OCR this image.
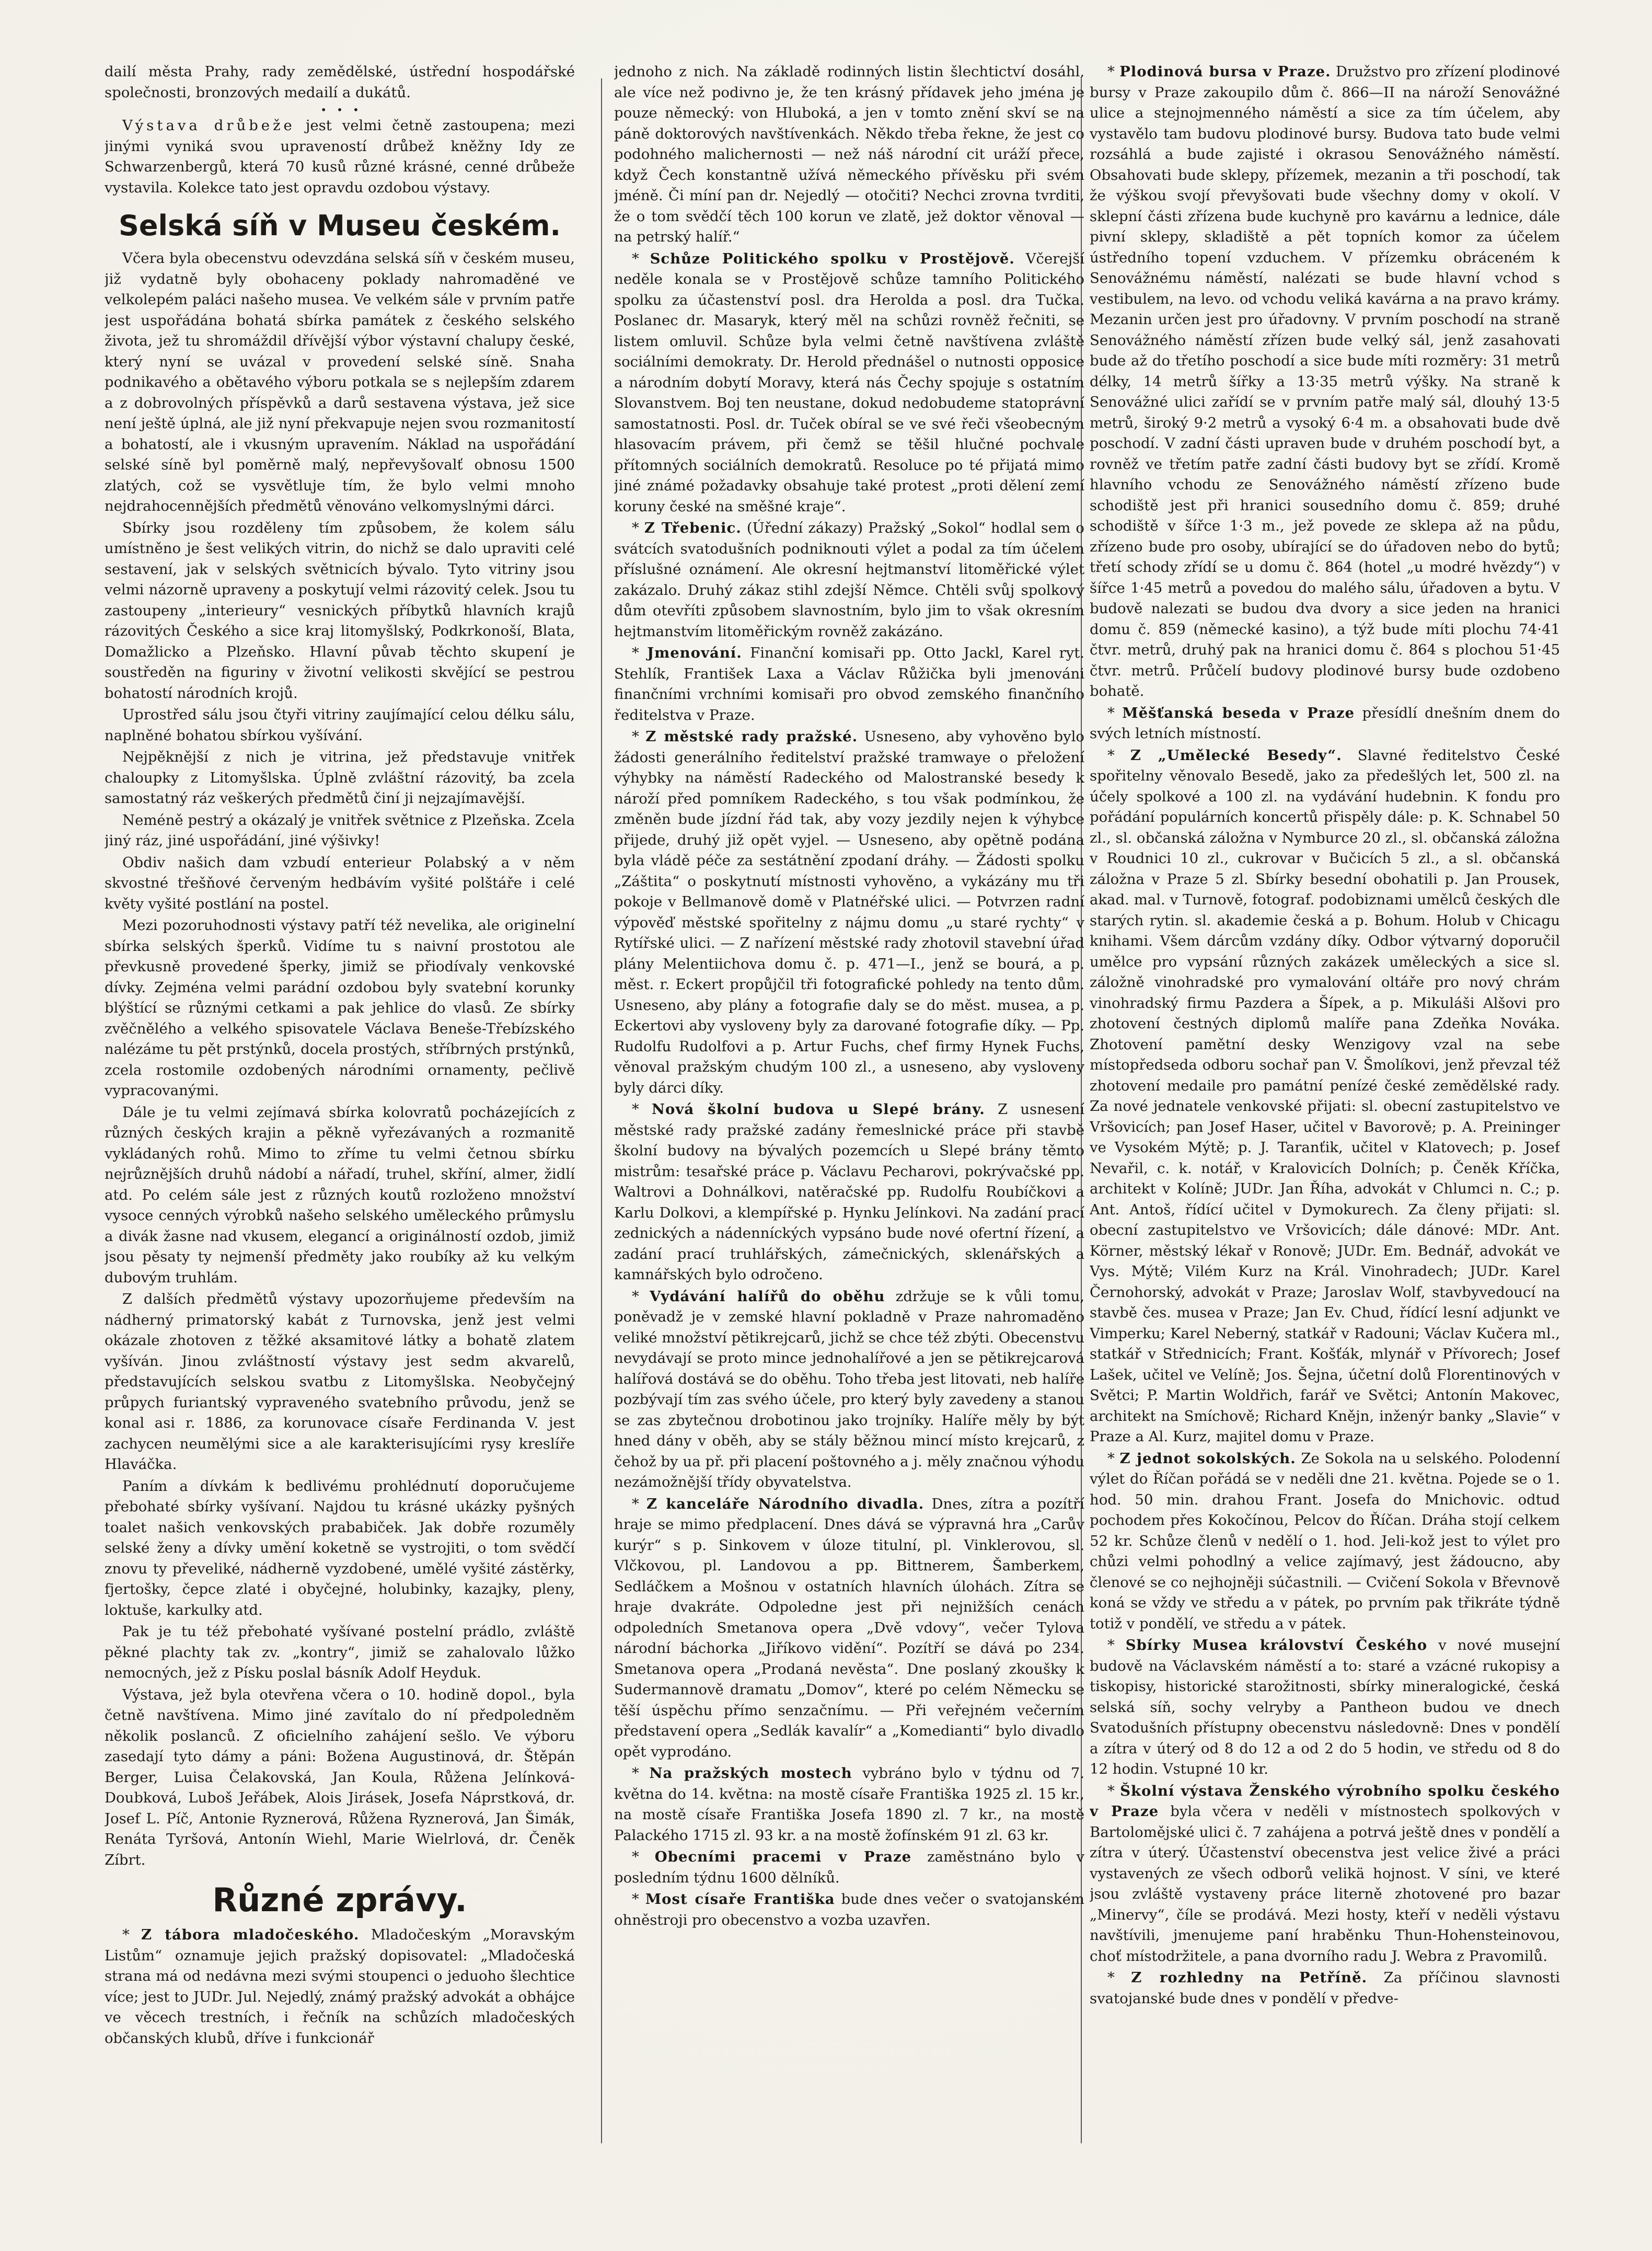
dailí města Prahy, rady zemědělské, ústřední hospodářské společnosti, bronzových medailí a dukátů.

•   •   •

Výstava drůbeže jest velmi četně zastoupena; mezi jinými vyniká svou upraveností drůbež kněžny Idy ze Schwarzenbergů, která 70 kusů různé krásné, cenné drůbeže vystavila. Kolekce tato jest opravdu ozdobou výstavy.

Selská síň v Museu českém.

Včera byla obecenstvu odevzdána selská síň v českém museu, již vydatně byly obohaceny poklady nahromaděné ve velkolepém paláci našeho musea. Ve velkém sále v prvním patře jest uspořádána bohatá sbírka památek z českého selského života, jež tu shromáždil dřívější výbor výstavní chalupy české, který nyní se uvázal v provedení selské síně. Snaha podnikavého a obětavého výboru potkala se s nejlepším zdarem a z dobrovolných příspěvků a darů sestavena výstava, jež sice není ještě úplná, ale již nyní překvapuje nejen svou rozmanitostí a bohatostí, ale i vkusným upravením. Náklad na uspořádání selské síně byl poměrně malý, nepřevyšovalť obnosu 1500 zlatých, což se vysvětluje tím, že bylo velmi mnoho nejdrahocennějších předmětů věnováno velkomyslnými dárci.

Sbírky jsou rozděleny tím způsobem, že kolem sálu umístněno je šest velikých vitrin, do nichž se dalo upraviti celé sestavení, jak v selských světnicích bývalo. Tyto vitriny jsou velmi názorně upraveny a poskytují velmi rázovitý celek. Jsou tu zastoupeny „interieury“ vesnických příbytků hlavních krajů rázovitých Českého a sice kraj litomyšlský, Podkrkonoší, Blata, Domažlicko a Plzeňsko. Hlavní půvab těchto skupení je soustředěn na figuriny v životní velikosti skvějící se pestrou bohatostí národních krojů.

Uprostřed sálu jsou čtyři vitriny zaujímající celou délku sálu, naplněné bohatou sbírkou vyšívání.

Nejpěknější z nich je vitrina, jež představuje vnitřek chaloupky z Litomyšlska. Úplně zvláštní rázovitý, ba zcela samostatný ráz veškerých předmětů činí ji nejzajímavější.

Neméně pestrý a okázalý je vnitřek světnice z Plzeňska. Zcela jiný ráz, jiné uspořádání, jiné výšivky!

Obdiv našich dam vzbudí enterieur Polabský a v něm skvostné třešňové červeným hedbávím vyšité polštáře i celé květy vyšité postlání na postel.

Mezi pozoruhodnosti výstavy patří též nevelika, ale originelní sbírka selských šperků. Vidíme tu s naivní prostotou ale převkusně provedené šperky, jimiž se přiodívaly venkovské dívky. Zejména velmi parádní ozdobou byly svatební korunky blýštící se různými cetkami a pak jehlice do vlasů. Ze sbírky zvěčnělého a velkého spisovatele Václava Beneše-Třebízského nalézáme tu pět prstýnků, docela prostých, stříbrných prstýnků, zcela rostomile ozdobených národními ornamenty, pečlivě vypracovanými.

Dále je tu velmi zejímavá sbírka kolovratů pocházejících z různých českých krajin a pěkně vyřezávaných a rozmanitě vykládaných rohů. Mimo to zříme tu velmi četnou sbírku nejrůznějších druhů nádobí a nářadí, truhel, skříní, almer, židlí atd. Po celém sále jest z různých koutů rozloženo množství vysoce cenných výrobků našeho selského uměleckého průmyslu a divák žasne nad vkusem, elegancí a originálností ozdob, jimiž jsou pěsaty ty nejmenší předměty jako roubíky až ku velkým dubovým truhlám.

Z dalších předmětů výstavy upozorňujeme především na nádherný primatorský kabát z Turnovska, jenž jest velmi okázale zhotoven z těžké aksamitové látky a bohatě zlatem vyšíván. Jinou zvláštností výstavy jest sedm akvarelů, představujících selskou svatbu z Litomyšlska. Neobyčejný průpych furiantský vypraveného svatebního průvodu, jenž se konal asi r. 1886, za korunovace císaře Ferdinanda V. jest zachycen neumělými sice a ale karakterisujícími rysy kreslíře Hlaváčka.

Paním a dívkám k bedlivému prohlédnutí doporučujeme přebohaté sbírky vyšívaní. Najdou tu krásné ukázky pyšných toalet našich venkovských prababiček. Jak dobře rozuměly selské ženy a dívky umění koketně se vystrojiti, o tom svědčí znovu ty převeliké, nádherně vyzdobené, umělé vyšité zástěrky, fjertošky, čepce zlaté i obyčejné, holubinky, kazajky, pleny, loktuše, karkulky atd.

Pak je tu též přebohaté vyšívané postelní prádlo, zvláště pěkné plachty tak zv. „kontry“, jimiž se zahalovalo lůžko nemocných, jež z Písku poslal básník Adolf Heyduk.

Výstava, jež byla otevřena včera o 10. hodině dopol., byla četně navštívena. Mimo jiné zavítalo do ní předpoledněm několik poslanců. Z oficielního zahájení sešlo. Ve výboru zasedají tyto dámy a páni: Božena Augustinová, dr. Štěpán Berger, Luisa Čelakovská, Jan Koula, Růžena Jelínková-Doubková, Luboš Jeřábek, Alois Jirásek, Josefa Náprstková, dr. Josef L. Píč, Antonie Ryznerová, Růžena Ryznerová, Jan Šimák, Renáta Tyršová, Antonín Wiehl, Marie Wielrlová, dr. Čeněk Zíbrt.

Různé zprávy.

* Z tábora mladočeského. Mladočeským „Moravským Listům“ oznamuje jejich pražský dopisovatel: „Mladočeská strana má od nedávna mezi svými stoupenci o jeduoho šlechtice více; jest to JUDr. Jul. Nejedlý, známý pražský advokát a obhájce ve věcech trestních, i řečník na schůzích mladočeských občanských klubů, dříve i funkcionář

jednoho z nich. Na základě rodinných listin šlechtictví dosáhl, ale více než podivno je, že ten krásný přídavek jeho jména je pouze německý: von Hluboká, a jen v tomto znění skví se na páně doktorových navštívenkách. Někdo třeba řekne, že jest co podohného malichernosti — než náš národní cit uráží přece, když Čech konstantně užívá německého přívěsku při svém jméně. Či míní pan dr. Nejedlý — otočiti? Nechci zrovna tvrditi, že o tom svědčí těch 100 korun ve zlatě, jež doktor věnoval — na petrský halíř.“

* Schůze Politického spolku v Prostějově. Včerejší neděle konala se v Prostějově schůze tamního Politického spolku za účastenství posl. dra Herolda a posl. dra Tučka. Poslanec dr. Masaryk, který měl na schůzi rovněž řečniti, se listem omluvil. Schůze byla velmi četně navštívena zvláště sociálními demokraty. Dr. Herold přednášel o nutnosti opposice a národním dobytí Moravy, která nás Čechy spojuje s ostatním Slovanstvem. Boj ten neustane, dokud nedobudeme statoprávní samostatnosti. Posl. dr. Tuček obíral se ve své řeči všeobecným hlasovacím právem, při čemž se těšil hlučné pochvale přítomných sociálních demokratů. Resoluce po té přijatá mimo jiné známé požadavky obsahuje také protest „proti dělení zemí koruny české na směšné kraje“.

* Z Třebenic. (Úřední zákazy) Pražský „Sokol“ hodlal sem o svátcích svatodušních podniknouti výlet a podal za tím účelem příslušné oznámení. Ale okresní hejtmanství litoměřické výlet zakázalo. Druhý zákaz stihl zdejší Němce. Chtěli svůj spolkový dům otevříti způsobem slavnostním, bylo jim to však okresním hejtmanstvím litoměřickým rovněž zakázáno.

* Jmenování. Finanční komisaři pp. Otto Jackl, Karel ryt. Stehlík, František Laxa a Václav Růžička byli jmenováni finančními vrchními komisaři pro obvod zemského finančního ředitelstva v Praze.

* Z městské rady pražské. Usneseno, aby vyhověno bylo žádosti generálního ředitelství pražské tramwaye o přeložení výhybky na náměstí Radeckého od Malostranské besedy k nároží před pomníkem Radeckého, s tou však podmínkou, že změněn bude jízdní řád tak, aby vozy jezdily nejen k výhybce přijede, druhý již opět vyjel. — Usneseno, aby opětně podána byla vládě péče za sestátnění zpodaní dráhy. — Žádosti spolku „Záštita“ o poskytnutí místnosti vyhověno, a vykázány mu tři pokoje v Bellmanově domě v Platnéřské ulici. — Potvrzen radní výpověď městské spořitelny z nájmu domu „u staré rychty“ v Rytířské ulici. — Z nařízení městské rady zhotovil stavební úřad plány Melentiichova domu č. p. 471—I., jenž se bourá, a p. měst. r. Eckert propůjčil tři fotografické pohledy na tento dům. Usneseno, aby plány a fotografie daly se do měst. musea, a p. Eckertovi aby vysloveny byly za darované fotografie díky. — Pp. Rudolfu Rudolfovi a p. Artur Fuchs, chef firmy Hynek Fuchs, věnoval pražským chudým 100 zl., a usneseno, aby vysloveny byly dárci díky.

* Nová školní budova u Slepé brány. Z usnesení městské rady pražské zadány řemeslnické práce při stavbě školní budovy na bývalých pozemcích u Slepé brány těmto mistrům: tesařské práce p. Václavu Pecharovi, pokrývačské pp. Waltrovi a Dohnálkovi, natěračské pp. Rudolfu Roubíčkovi a Karlu Dolkovi, a klempířské p. Hynku Jelínkovi. Na zadání prací zednických a nádenníckých vypsáno bude nové ofertní řízení, a zadání prací truhlářských, zámečnických, sklenářských a kamnářských bylo odročeno.

* Vydávání halířů do oběhu zdržuje se k vůli tomu, poněvadž je v zemské hlavní pokladně v Praze nahromaděno veliké množství pětikrejcarů, jichž se chce též zbýti. Obecenstvu nevydávají se proto mince jednohalířové a jen se pětikrejcarová halířová dostává se do oběhu. Toho třeba jest litovati, neb halíře pozbývají tím zas svého účele, pro který byly zavedeny a stanou se zas zbytečnou drobotinou jako trojníky. Halíře měly by být hned dány v oběh, aby se stály běžnou mincí místo krejcarů, z čehož by ua př. při placení poštovného a j. měly značnou výhodu nezámožnější třídy obyvatelstva.

* Z kanceláře Národního divadla. Dnes, zítra a pozítří hraje se mimo předplacení. Dnes dává se výpravná hra „Carův kurýr“ s p. Sinkovem v úloze titulní, pl. Vinklerovou, sl. Vlčkovou, pl. Landovou a pp. Bittnerem, Šamberkem, Sedláčkem a Mošnou v ostatních hlavních úlohách. Zítra se hraje dvakráte. Odpoledne jest při nejnižších cenách odpoledních Smetanova opera „Dvě vdovy“, večer Tylova národní báchorka „Jiříkovo vidění“. Pozítří se dává po 234. Smetanova opera „Prodaná nevěsta“. Dne poslaný zkoušky k Sudermannově dramatu „Domov“, které po celém Německu se těší úspěchu přímo senzačnímu. — Při veřejném večerním představení opera „Sedlák kavalír“ a „Komedianti“ bylo divadlo opět vyprodáno.

* Na pražských mostech vybráno bylo v týdnu od 7. května do 14. května: na mostě císaře Františka 1925 zl. 15 kr., na mostě císaře Františka Josefa 1890 zl. 7 kr., na mostě Palackého 1715 zl. 93 kr. a na mostě žofínském 91 zl. 63 kr.

* Obecními pracemi v Praze zaměstnáno bylo v posledním týdnu 1600 dělníků.

* Most císaře Františka bude dnes večer o svatojanském ohněstroji pro obecenstvo a vozba uzavřen.

* Plodinová bursa v Praze. Družstvo pro zřízení plodinové bursy v Praze zakoupilo dům č. 866—II na nároží Senovážné ulice a stejnojmenného náměstí a sice za tím účelem, aby vystavělo tam budovu plodinové bursy. Budova tato bude velmi rozsáhlá a bude zajisté i okrasou Senovážného náměstí. Obsahovati bude sklepy, přízemek, mezanin a tři poschodí, tak že výškou svojí převyšovati bude všechny domy v okolí. V sklepní části zřízena bude kuchyně pro kavárnu a lednice, dále pivní sklepy, skladiště a pět topních komor za účelem ústředního topení vzduchem. V přízemku obráceném k Senovážnému náměstí, nalézati se bude hlavní vchod s vestibulem, na levo. od vchodu veliká kavárna a na pravo krámy. Mezanin určen jest pro úřadovny. V prvním poschodí na straně Senovážného náměstí zřízen bude velký sál, jenž zasahovati bude až do třetího poschodí a sice bude míti rozměry: 31 metrů délky, 14 metrů šířky a 13·35 metrů výšky. Na straně k Senovážné ulici zařídí se v prvním patře malý sál, dlouhý 13·5 metrů, široký 9·2 metrů a vysoký 6·4 m. a obsahovati bude dvě poschodí. V zadní části upraven bude v druhém poschodí byt, a rovněž ve třetím patře zadní části budovy byt se zřídí. Kromě hlavního vchodu ze Senovážného náměstí zřízeno bude schodiště jest při hranici sousedního domu č. 859; druhé schodiště v šířce 1·3 m., jež povede ze sklepa až na půdu, zřízeno bude pro osoby, ubírající se do úřadoven nebo do bytů; třetí schody zřídí se u domu č. 864 (hotel „u modré hvězdy“) v šířce 1·45 metrů a povedou do malého sálu, úřadoven a bytu. V budově nalezati se budou dva dvory a sice jeden na hranici domu č. 859 (německé kasino), a týž bude míti plochu 74·41 čtvr. metrů, druhý pak na hranici domu č. 864 s plochou 51·45 čtvr. metrů. Průčelí budovy plodinové bursy bude ozdobeno bohatě.

* Měšťanská beseda v Praze přesídlí dnešním dnem do svých letních místností.

* Z „Umělecké Besedy“. Slavné ředitelstvo České spořitelny věnovalo Besedě, jako za předešlých let, 500 zl. na účely spolkové a 100 zl. na vydávání hudebnin. K fondu pro pořádání populárních koncertů přispěly dále: p. K. Schnabel 50 zl., sl. občanská záložna v Nymburce 20 zl., sl. občanská záložna v Roudnici 10 zl., cukrovar v Bučicích 5 zl., a sl. občanská záložna v Praze 5 zl. Sbírky besední obohatili p. Jan Prousek, akad. mal. v Turnově, fotograf. podobiznami umělců českých dle starých rytin. sl. akademie česká a p. Bohum. Holub v Chicagu knihami. Všem dárcům vzdány díky. Odbor výtvarný doporučil umělce pro vypsání různých zakázek uměleckých a sice sl. záložně vinohradské pro vymalování oltáře pro nový chrám vinohradský firmu Pazdera a Šípek, a p. Mikuláši Alšovi pro zhotovení čestných diplomů malíře pana Zdeňka Nováka. Zhotovení pamětní desky Wenzigovy vzal na sebe místopředseda odboru sochař pan V. Šmolíkovi, jenž převzal též zhotovení medaile pro památní penízé české zemědělské rady. Za nové jednatele venkovské přijati: sl. obecní zastupitelstvo ve Vršovicích; pan Josef Haser, učitel v Bavorově; p. A. Preininger ve Vysokém Mýtě; p. J. Taranťik, učitel v Klatovech; p. Josef Nevařil, c. k. notář, v Kralovicích Dolních; p. Čeněk Kříčka, architekt v Kolíně; JUDr. Jan Říha, advokát v Chlumci n. C.; p. Ant. Antoš, řídící učitel v Dymokurech. Za členy přijati: sl. obecní zastupitelstvo ve Vršovicích; dále dánové: MDr. Ant. Körner, městský lékař v Ronově; JUDr. Em. Bednář, advokát ve Vys. Mýtě; Vilém Kurz na Král. Vinohradech; JUDr. Karel Černohorský, advokát v Praze; Jaroslav Wolf, stavbyvedoucí na stavbě čes. musea v Praze; Jan Ev. Chud, řídící lesní adjunkt ve Vimperku; Karel Neberný, statkář v Radouni; Václav Kučera ml., statkář v Střednicích; Frant. Košťák, mlynář v Přívorech; Josef Lašek, učitel ve Velíně; Jos. Šejna, účetní dolů Florentinových v Světci; P. Martin Woldřich, farář ve Světci; Antonín Makovec, architekt na Smíchově; Richard Knějn, inženýr banky „Slavie“ v Praze a Al. Kurz, majitel domu v Praze.

* Z jednot sokolských. Ze Sokola na u selského. Polodenní výlet do Říčan pořádá se v neděli dne 21. května. Pojede se o 1. hod. 50 min. drahou Frant. Josefa do Mnichovic. odtud pochodem přes Kokočínou, Pelcov do Říčan. Dráha stojí celkem 52 kr. Schůze členů v nedělí o 1. hod. Jeli-kož jest to výlet pro chůzi velmi pohodlný a velice zajímavý, jest žádoucno, aby členové se co nejhojněji súčastnili. — Cvičení Sokola v Břevnově koná se vždy ve středu a v pátek, po prvním pak třikráte týdně totiž v pondělí, ve středu a v pátek.

* Sbírky Musea království Českého v nové musejní budově na Václavském náměstí a to: staré a vzácné rukopisy a tiskopisy, historické starožitnosti, sbírky mineralogické, česká selská síň, sochy velryby a Pantheon budou ve dnech Svatodušních přístupny obecenstvu následovně: Dnes v pondělí a zítra v úterý od 8 do 12 a od 2 do 5 hodin, ve středu od 8 do 12 hodin. Vstupné 10 kr.

* Školní výstava Ženského výrobního spolku českého v Praze byla včera v neděli v místnostech spolkových v Bartolomějské ulici č. 7 zahájena a potrvá ještě dnes v pondělí a zítra v úterý. Účastenství obecenstva jest velice živé a práci vystavených ze všech odborů velikä hojnost. V síni, ve které jsou zvláště vystaveny práce literně zhotovené pro bazar „Minervy“, číle se prodává. Mezi hosty, kteří v neděli výstavu navštívili, jmenujeme paní hraběnku Thun-Hohensteinovou, choť místodržitele, a pana dvorního radu J. Webra z Pravomilů.

* Z rozhledny na Petříně. Za příčinou slavnosti svatojanské bude dnes v pondělí v předve-
